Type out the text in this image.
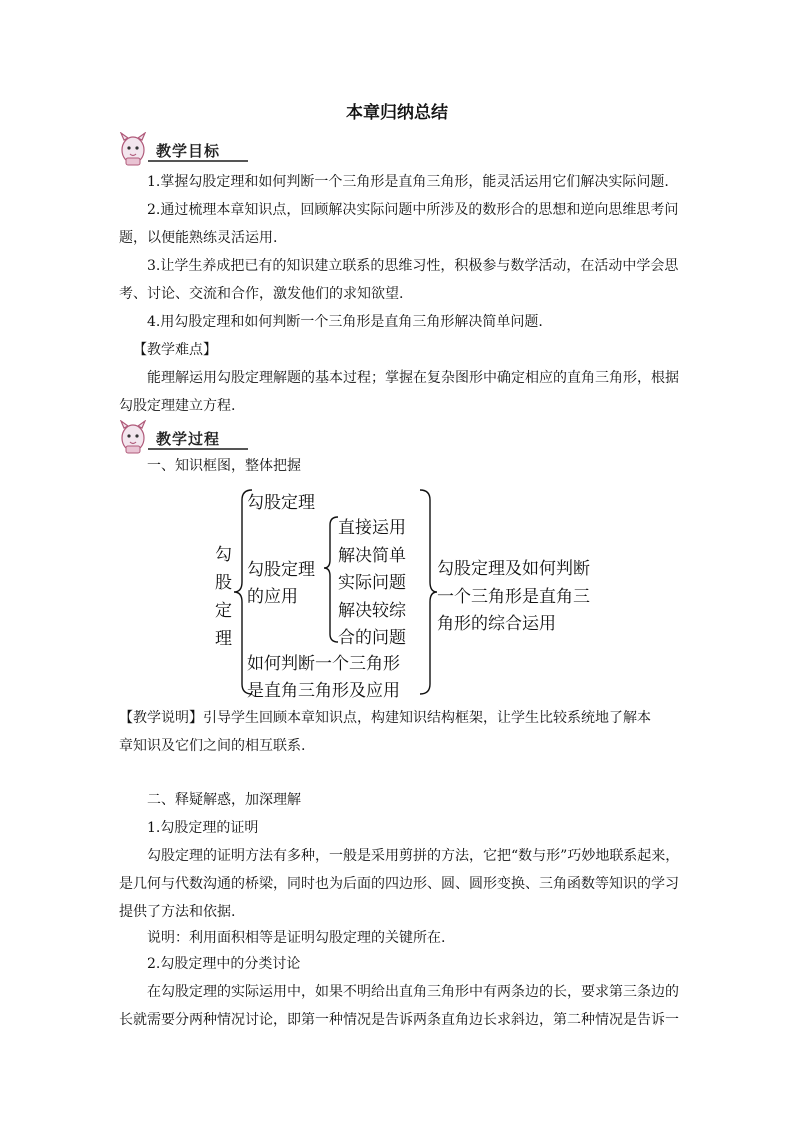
本章归纳总结
教学目标
1.掌握勾股定理和如何判断一个三角形是直角三角形，能灵活运用它们解决实际问题.
2.通过梳理本章知识点，回顾解决实际问题中所涉及的数形合的思想和逆向思维思考问
题，以便能熟练灵活运用.
3.让学生养成把已有的知识建立联系的思维习性，积极参与数学活动，在活动中学会思
考、讨论、交流和合作，激发他们的求知欲望.
4.用勾股定理和如何判断一个三角形是直角三角形解决简单问题.
【教学难点】
能理解运用勾股定理解题的基本过程；掌握在复杂图形中确定相应的直角三角形，根据
勾股定理建立方程.
教学过程
一、知识框图，整体把握
勾
股
定
理
勾股定理
勾股定理
的应用
直接运用
解决简单
实际问题
解决较综
合的问题
如何判断一个三角形
是直角三角形及应用
勾股定理及如何判断
一个三角形是直角三
角形的综合运用
【教学说明】引导学生回顾本章知识点，构建知识结构框架，让学生比较系统地了解本
章知识及它们之间的相互联系.
二、释疑解惑，加深理解
1.勾股定理的证明
勾股定理的证明方法有多种，一般是采用剪拼的方法，它把“数与形”巧妙地联系起来，
是几何与代数沟通的桥梁，同时也为后面的四边形、圆、圆形变换、三角函数等知识的学习
提供了方法和依据.
说明：利用面积相等是证明勾股定理的关键所在.
2.勾股定理中的分类讨论
在勾股定理的实际运用中，如果不明给出直角三角形中有两条边的长，要求第三条边的
长就需要分两种情况讨论，即第一种情况是告诉两条直角边长求斜边，第二种情况是告诉一
